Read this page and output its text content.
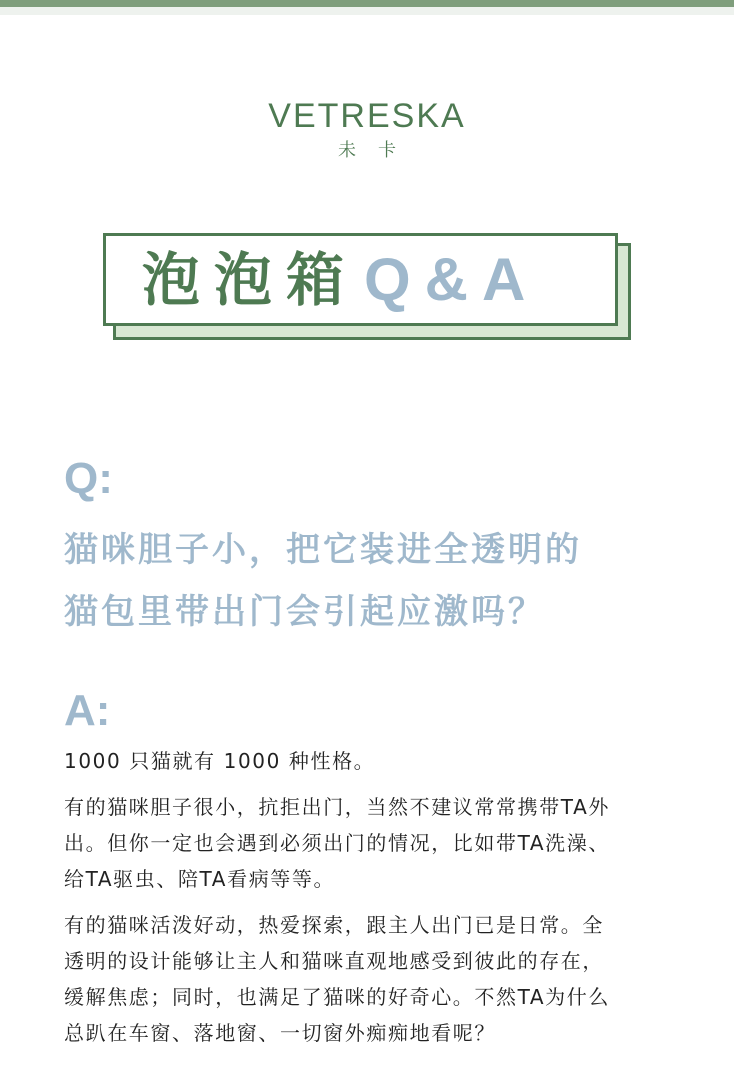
VETRESKA
未卡
泡泡箱 Q&A
Q:
猫咪胆子小，把它装进全透明的
猫包里带出门会引起应激吗？
A:
1000 只猫就有 1000 种性格。
有的猫咪胆子很小，抗拒出门，当然不建议常常携带TA外
出。但你一定也会遇到必须出门的情况，比如带TA洗澡、
给TA驱虫、陪TA看病等等。
有的猫咪活泼好动，热爱探索，跟主人出门已是日常。全
透明的设计能够让主人和猫咪直观地感受到彼此的存在，
缓解焦虑；同时，也满足了猫咪的好奇心。不然TA为什么
总趴在车窗、落地窗、一切窗外痴痴地看呢？
